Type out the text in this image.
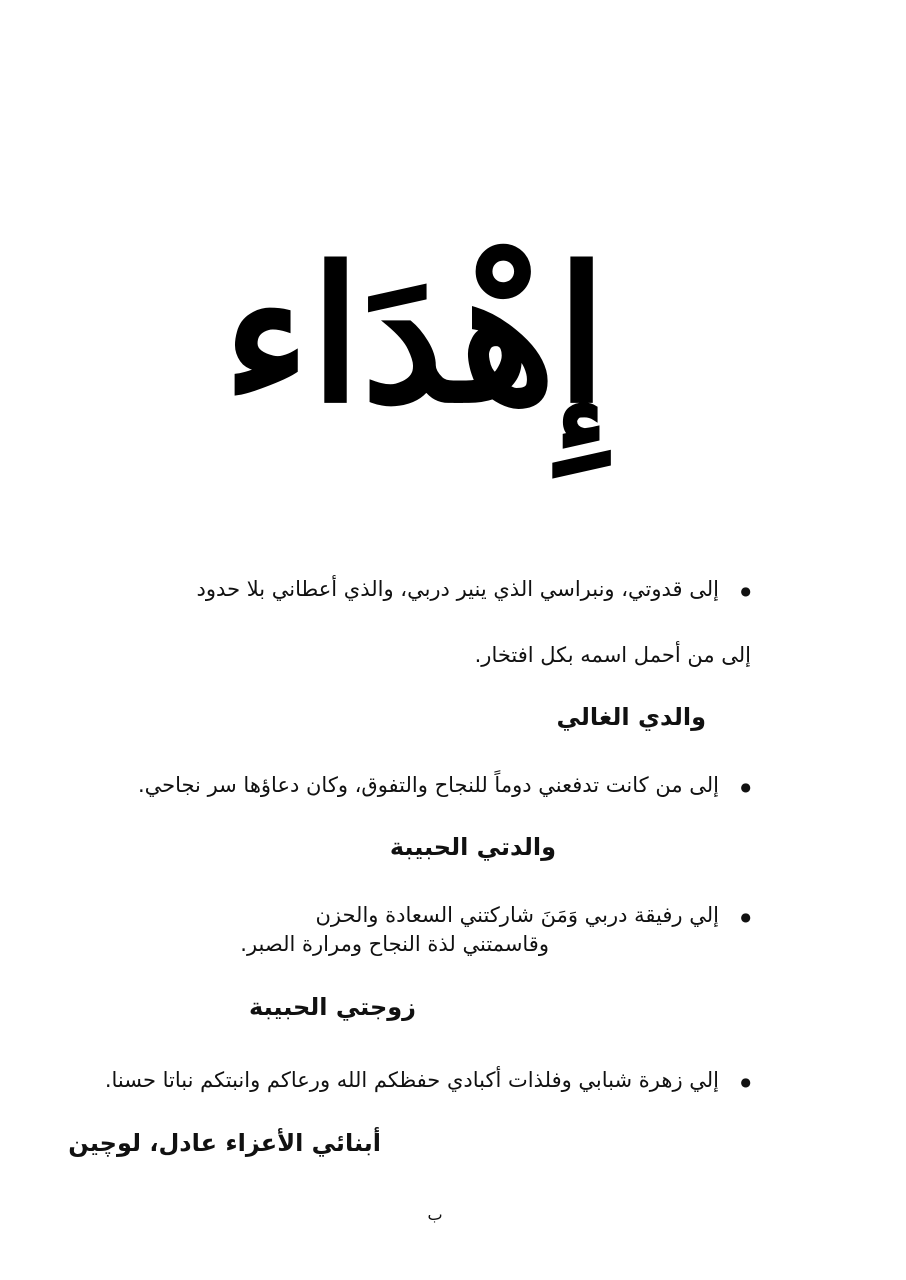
إِهْدَاء
● إلى قدوتي، ونبراسي الذي ينير دربي، والذي أعطاني بلا حدود
إلى من أحمل اسمه بكل افتخار.
والدي الغالي
● إلى من كانت تدفعني دوماً للنجاح والتفوق، وكان دعاؤها سر نجاحي.
والدتي الحبيبة
● إلي رفيقة دربي وَمَنَ شاركتني السعادة والحزن
وقاسمتني لذة النجاح ومرارة الصبر.
زوجتي الحبيبة
● إلي زهرة شبابي وفلذات أكبادي حفظكم الله ورعاكم وانبتكم نباتا حسنا.
أبنائي الأعزاء عادل، لوچين
ب
